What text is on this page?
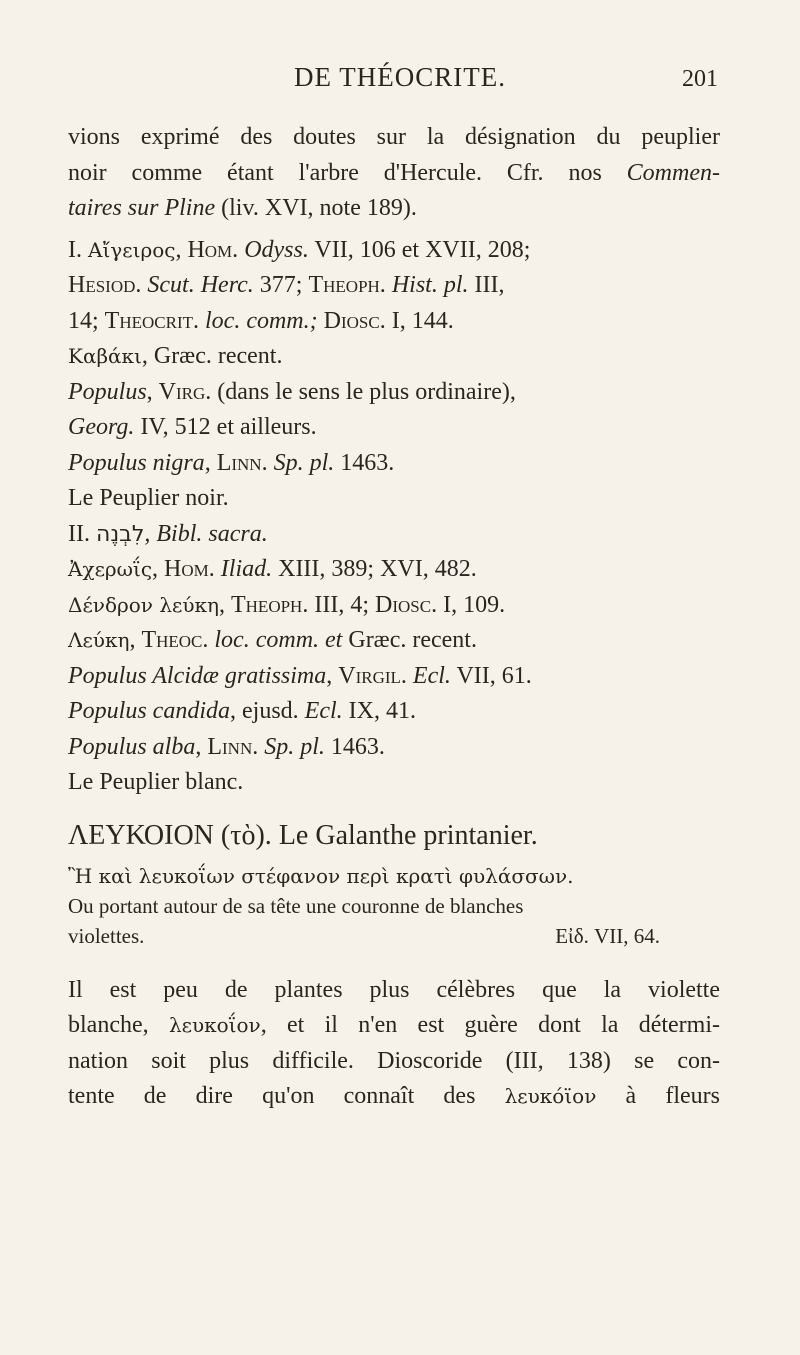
DE THÉOCRITE.	201
vions exprimé des doutes sur la désignation du peuplier
noir comme étant l'arbre d'Hercule. Cfr. nos Commen-
taires sur Pline (liv. XVI, note 189).
I. Αἴγειρος, Hom. Odyss. VII, 106 et XVII, 208;
Hesiod. Scut. Herc. 377; Theoph. Hist. pl. III,
14; Theocrit. loc. comm.; Diosc. I, 144.
Καβάκι, Græc. recent.
Populus, Virg. (dans le sens le plus ordinaire),
Georg. IV, 512 et ailleurs.
Populus nigra, Linn. Sp. pl. 1463.
Le Peuplier noir.
II. לִבְנֶה, Bibl. sacra.
Ἀχερωΐς, Hom. Iliad. XIII, 389; XVI, 482.
Δένδρον λεύκη, Theoph. III, 4; Diosc. I, 109.
Λεύκη, Theoc. loc. comm. et Græc. recent.
Populus Alcidæ gratissima, Virgil. Ecl. VII, 61.
Populus candida, ejusd. Ecl. IX, 41.
Populus alba, Linn. Sp. pl. 1463.
Le Peuplier blanc.
ΛΕΥΚΟΙΟΝ (τὸ). Le Galanthe printanier.
Ἢ καὶ λευκοΐων στέφανον περὶ κρατὶ φυλάσσων.
Ou portant autour de sa tête une couronne de blanches
violettes.	Εἰδ. VII, 64.
Il est peu de plantes plus célèbres que la violette
blanche, λευκοΐον, et il n'en est guère dont la détermi-
nation soit plus difficile. Dioscoride (III, 138) se con-
tente de dire qu'on connaît des λευκόϊον à fleurs
